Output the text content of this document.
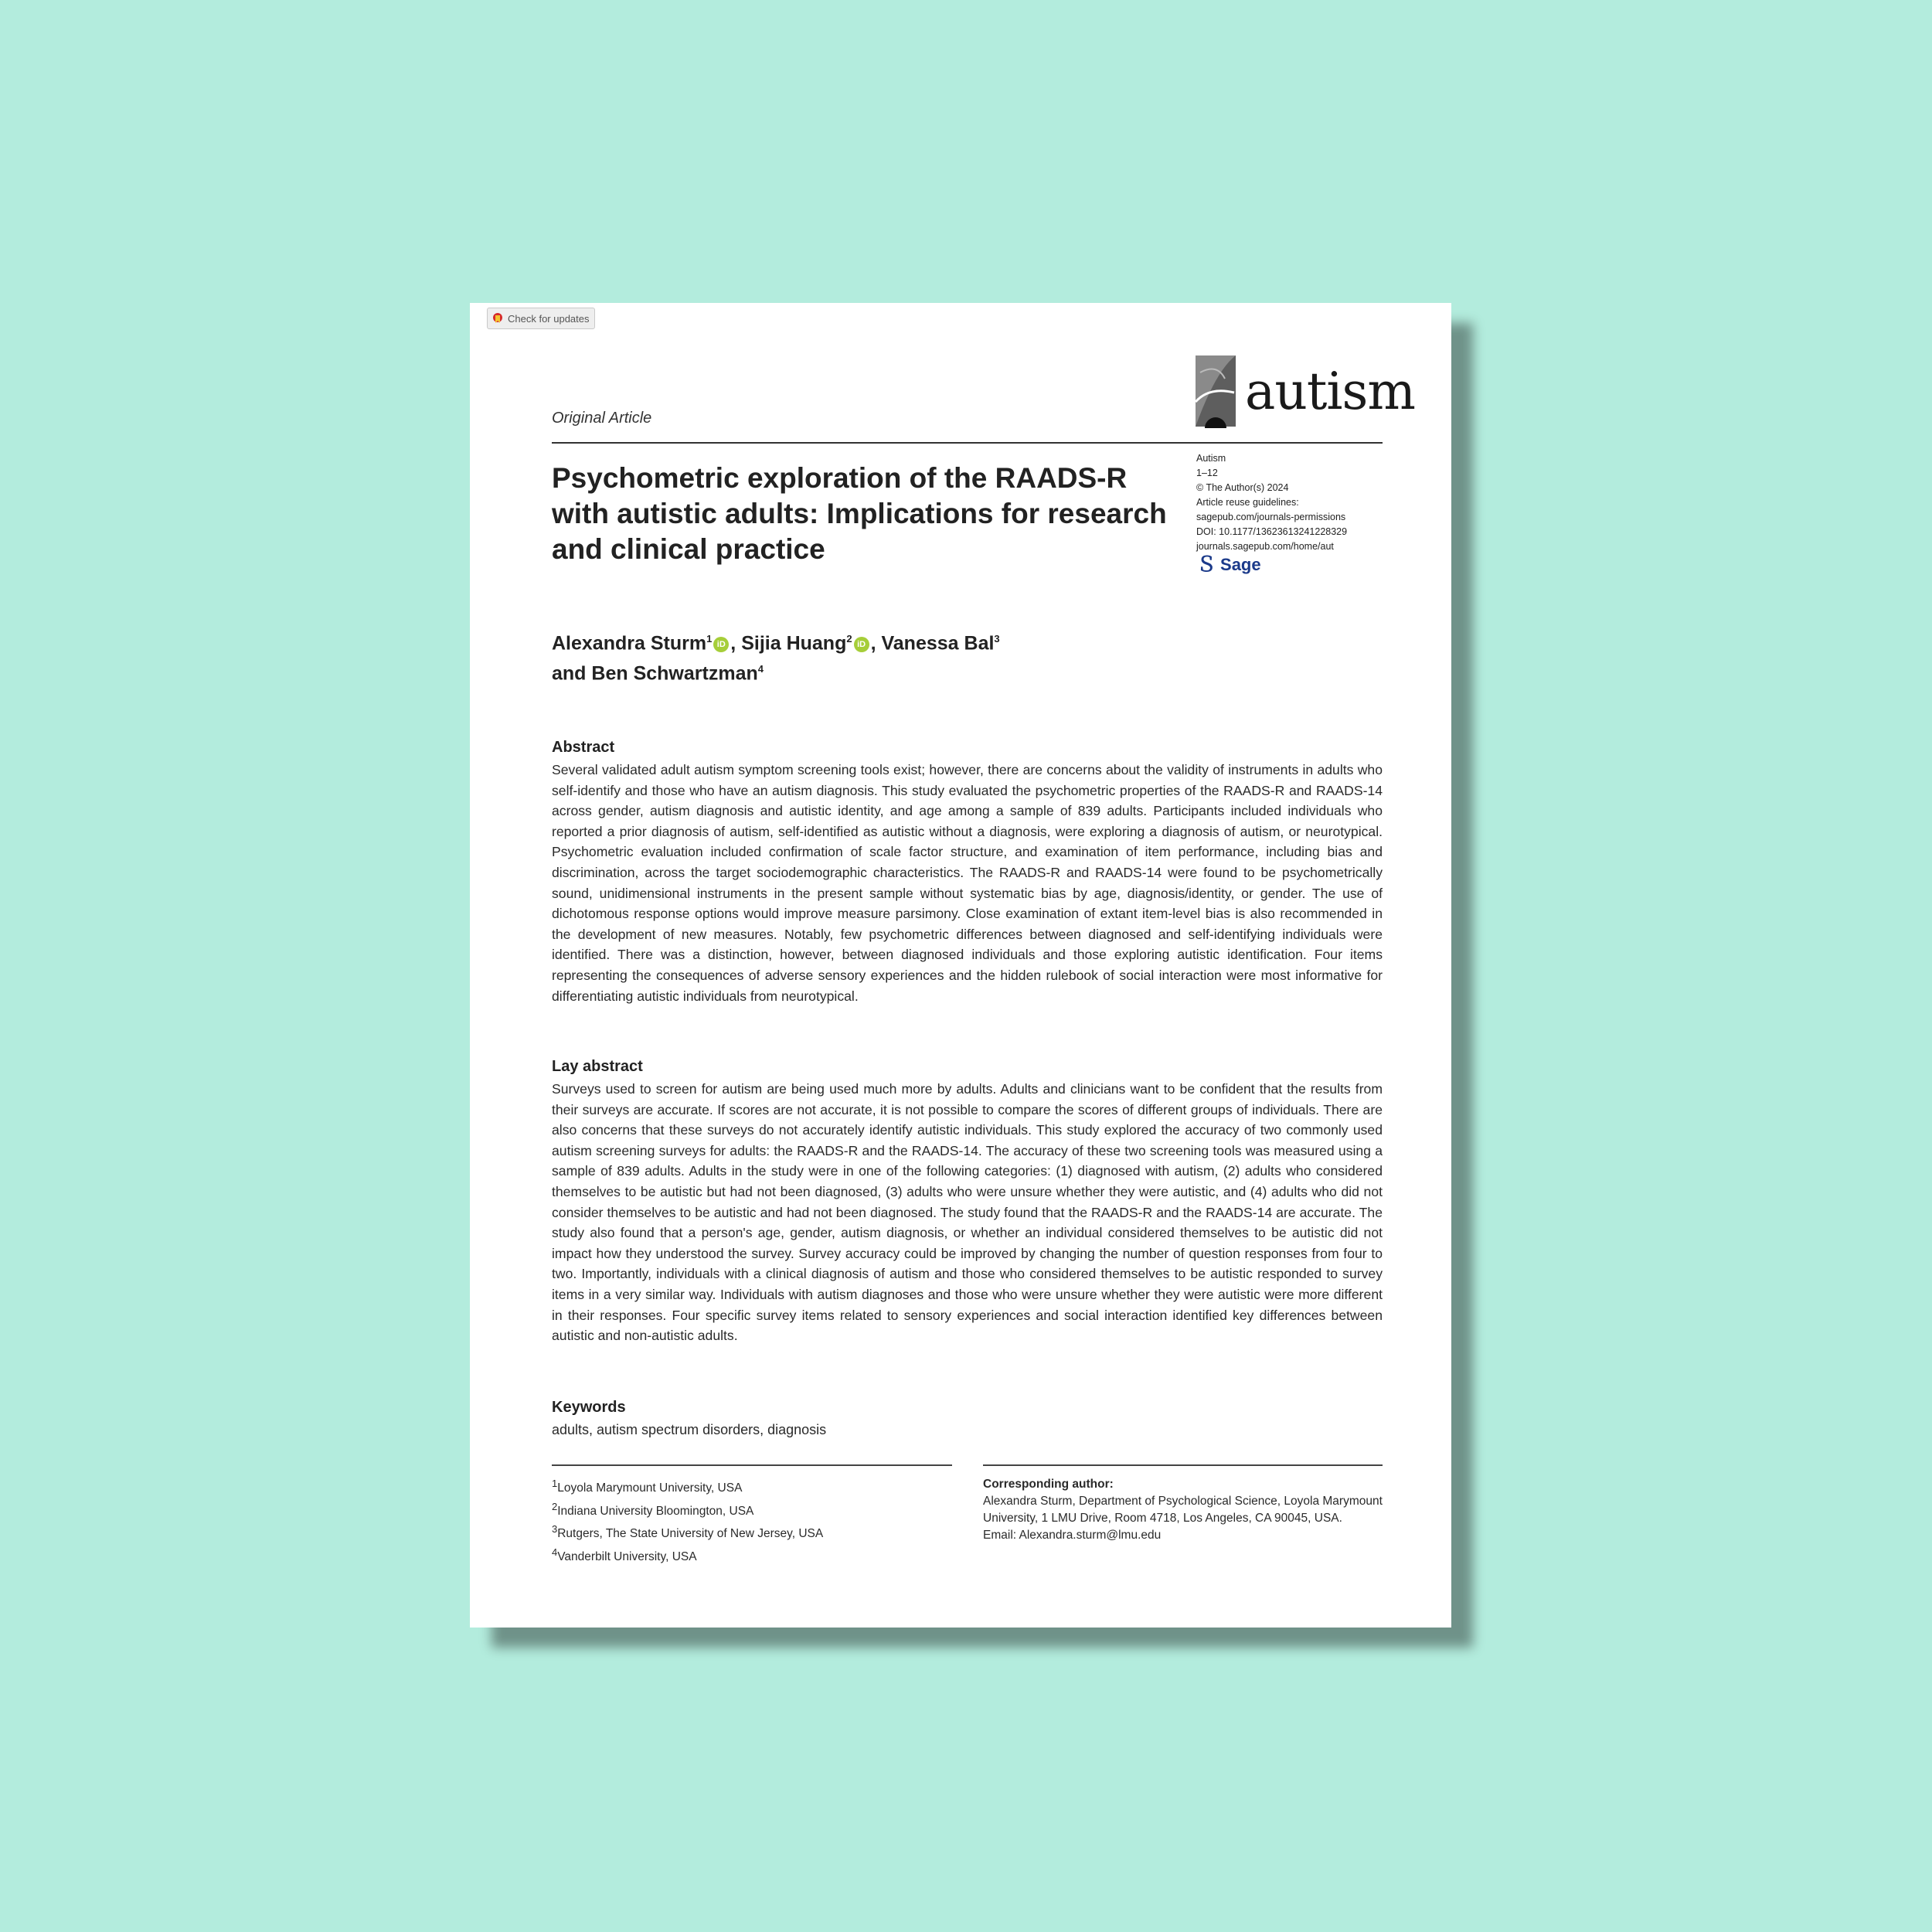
Check for updates
Original Article	autism
Psychometric exploration of the RAADS-R with autistic adults: Implications for research and clinical practice
Autism
1–12
© The Author(s) 2024
Article reuse guidelines:
sagepub.com/journals-permissions
DOI: 10.1177/13623613241228329
journals.sagepub.com/home/aut
Ｓ Sage
Alexandra Sturm$^1$ iD , Sijia Huang$^2$ iD , Vanessa Bal$^3$
and Ben Schwartzman$^4$
Abstract
Several validated adult autism symptom screening tools exist; however, there are concerns about the validity of instruments in adults who self-identify and those who have an autism diagnosis. This study evaluated the psychometric properties of the RAADS-R and RAADS-14 across gender, autism diagnosis and autistic identity, and age among a sample of 839 adults. Participants included individuals who reported a prior diagnosis of autism, self-identified as autistic without a diagnosis, were exploring a diagnosis of autism, or neurotypical. Psychometric evaluation included confirmation of scale factor structure, and examination of item performance, including bias and discrimination, across the target sociodemographic characteristics. The RAADS-R and RAADS-14 were found to be psychometrically sound, unidimensional instruments in the present sample without systematic bias by age, diagnosis/identity, or gender. The use of dichotomous response options would improve measure parsimony. Close examination of extant item-level bias is also recommended in the development of new measures. Notably, few psychometric differences between diagnosed and self-identifying individuals were identified. There was a distinction, however, between diagnosed individuals and those exploring autistic identification. Four items representing the consequences of adverse sensory experiences and the hidden rulebook of social interaction were most informative for differentiating autistic individuals from neurotypical.
Lay abstract
Surveys used to screen for autism are being used much more by adults. Adults and clinicians want to be confident that the results from their surveys are accurate. If scores are not accurate, it is not possible to compare the scores of different groups of individuals. There are also concerns that these surveys do not accurately identify autistic individuals. This study explored the accuracy of two commonly used autism screening surveys for adults: the RAADS-R and the RAADS-14. The accuracy of these two screening tools was measured using a sample of 839 adults. Adults in the study were in one of the following categories: (1) diagnosed with autism, (2) adults who considered themselves to be autistic but had not been diagnosed, (3) adults who were unsure whether they were autistic, and (4) adults who did not consider themselves to be autistic and had not been diagnosed. The study found that the RAADS-R and the RAADS-14 are accurate. The study also found that a person's age, gender, autism diagnosis, or whether an individual considered themselves to be autistic did not impact how they understood the survey. Survey accuracy could be improved by changing the number of question responses from four to two. Importantly, individuals with a clinical diagnosis of autism and those who considered themselves to be autistic responded to survey items in a very similar way. Individuals with autism diagnoses and those who were unsure whether they were autistic were more different in their responses. Four specific survey items related to sensory experiences and social interaction identified key differences between autistic and non-autistic adults.
Keywords
adults, autism spectrum disorders, diagnosis
$^1$Loyola Marymount University, USA
$^2$Indiana University Bloomington, USA
$^3$Rutgers, The State University of New Jersey, USA
$^4$Vanderbilt University, USA
Corresponding author:
Alexandra Sturm, Department of Psychological Science, Loyola Marymount
University, 1 LMU Drive, Room 4718, Los Angeles, CA 90045, USA.
Email: Alexandra.sturm@lmu.edu
